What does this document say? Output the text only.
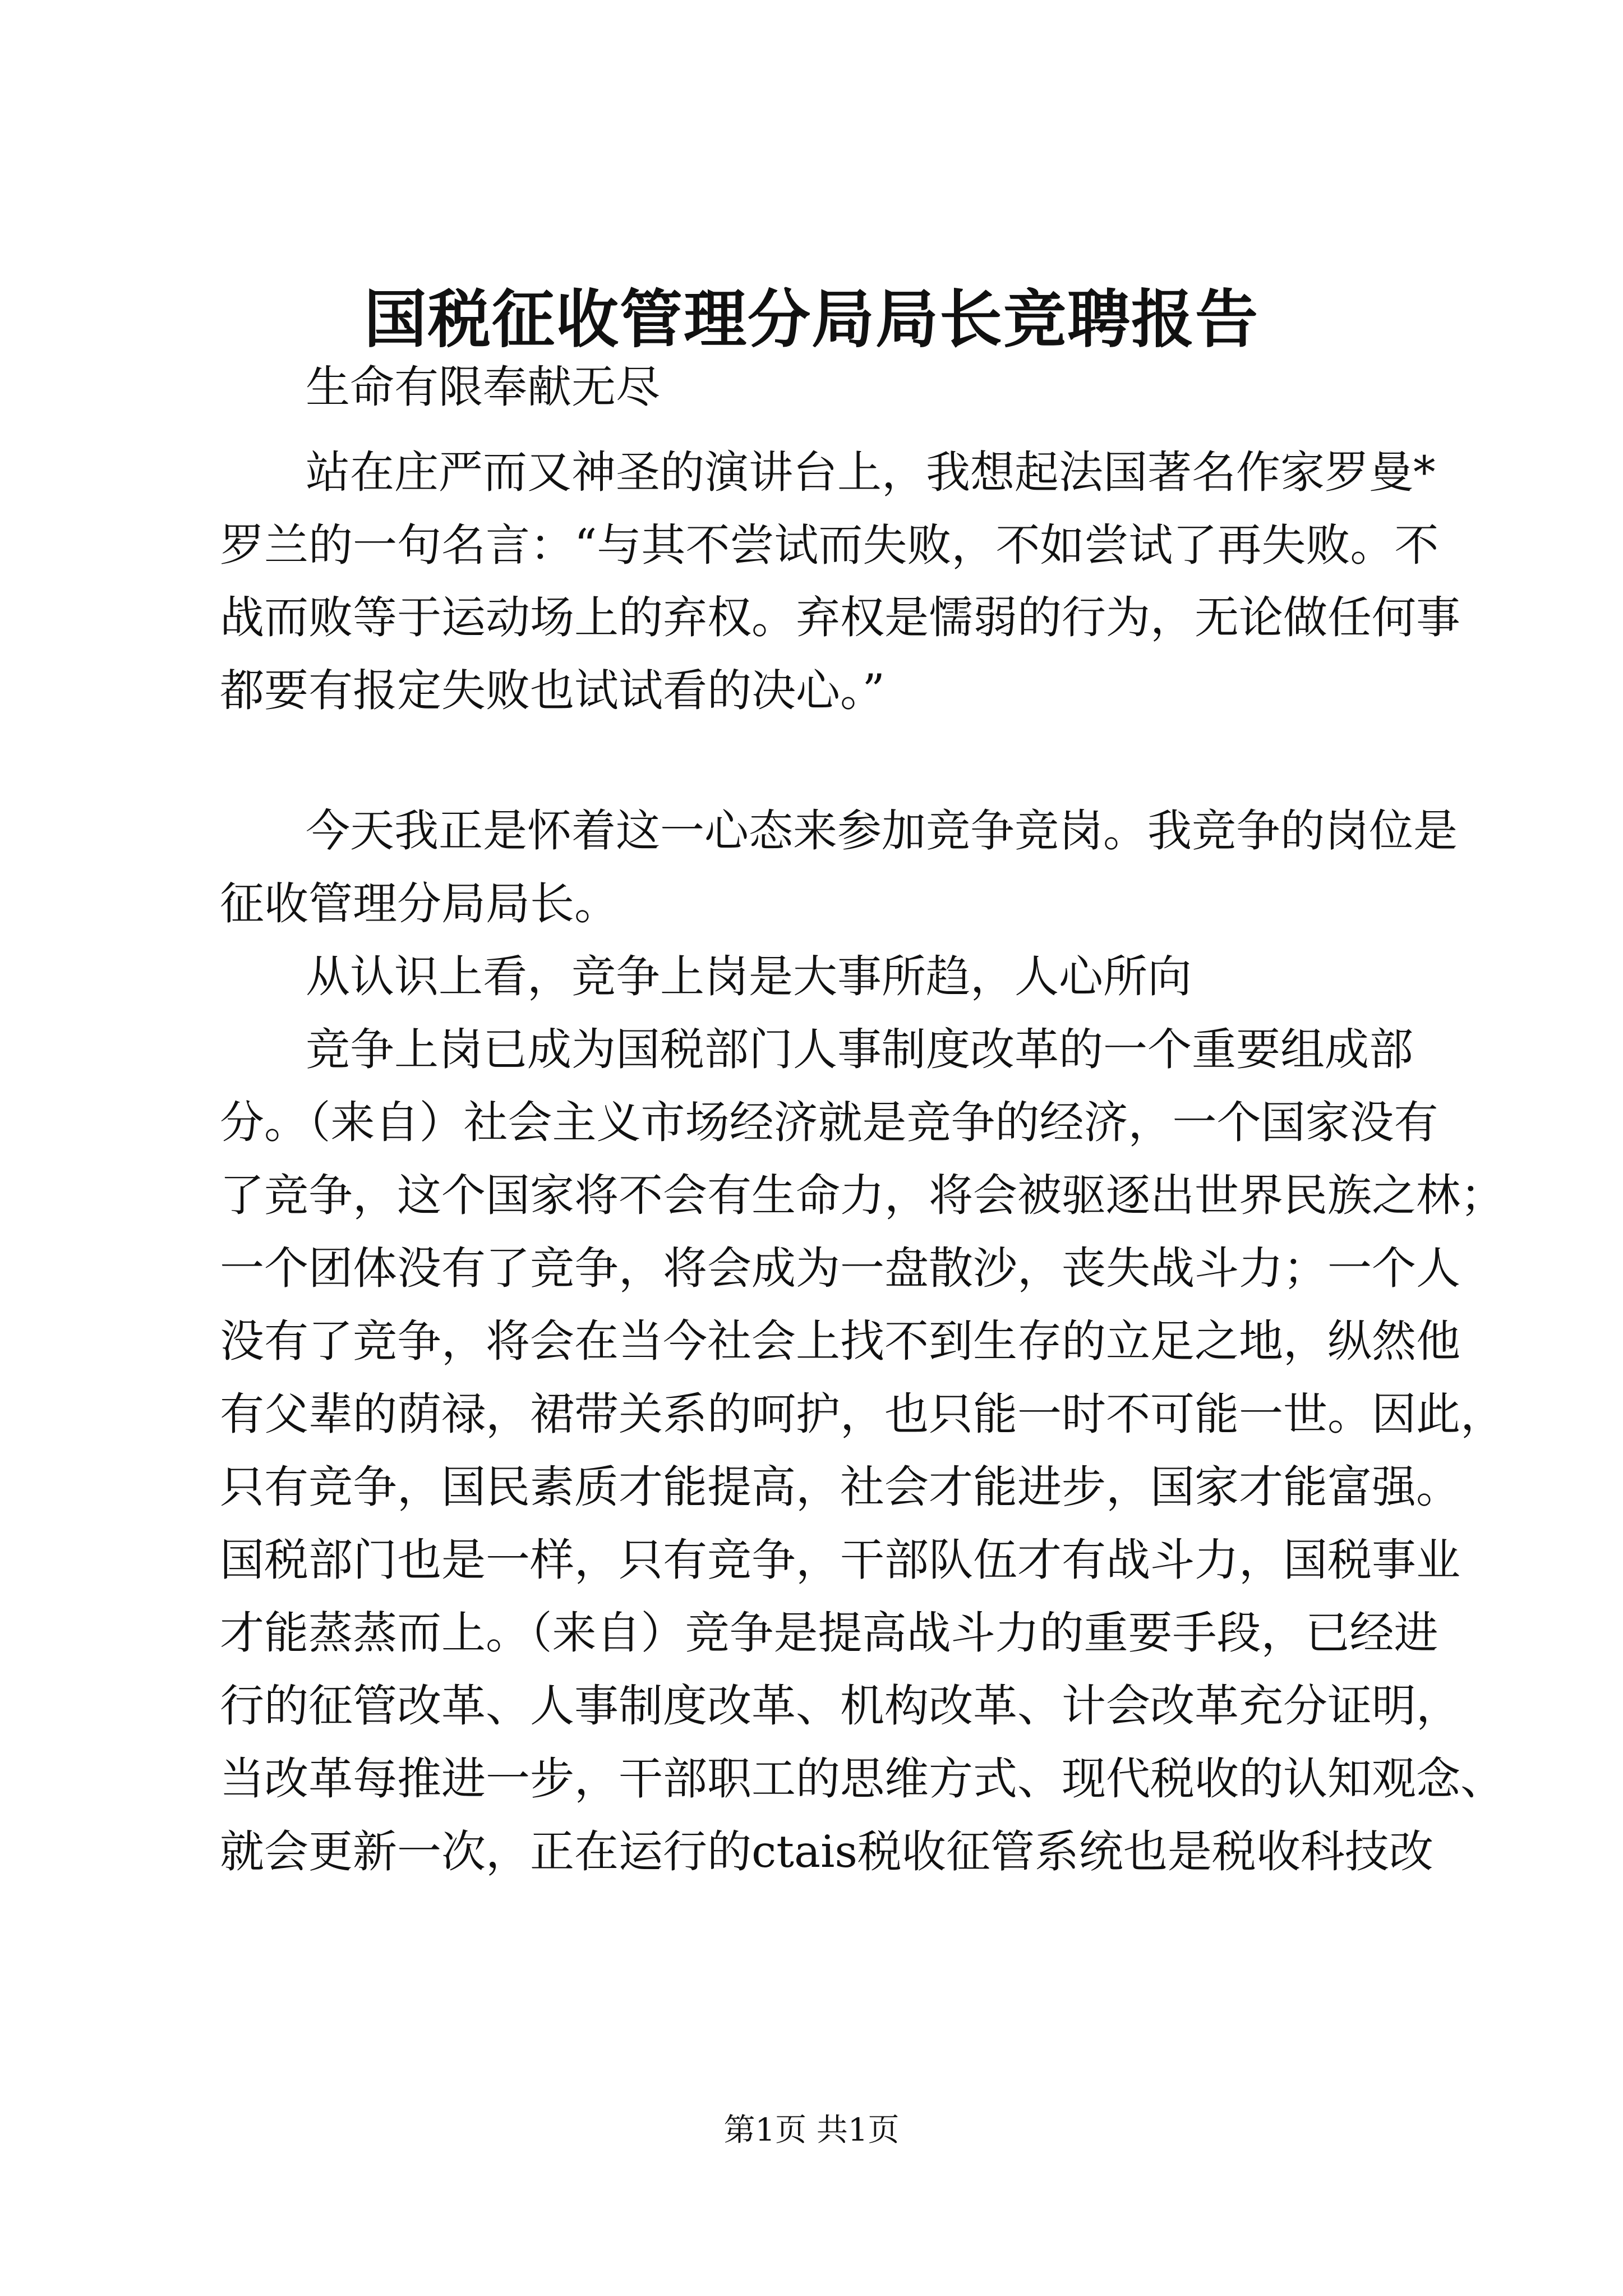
国税征收管理分局局长竞聘报告
生命有限奉献无尽
站在庄严而又神圣的演讲台上，我想起法国著名作家罗曼*
罗兰的一句名言：“与其不尝试而失败，不如尝试了再失败。不
战而败等于运动场上的弃权。弃权是懦弱的行为，无论做任何事
都要有报定失败也试试看的决心。”
今天我正是怀着这一心态来参加竞争竞岗。我竞争的岗位是
征收管理分局局长。
从认识上看，竞争上岗是大事所趋，人心所向
竞争上岗已成为国税部门人事制度改革的一个重要组成部
分。（来自）社会主义市场经济就是竞争的经济，一个国家没有
了竞争，这个国家将不会有生命力，将会被驱逐出世界民族之林；
一个团体没有了竞争，将会成为一盘散沙，丧失战斗力；一个人
没有了竞争，将会在当今社会上找不到生存的立足之地，纵然他
有父辈的荫禄，裙带关系的呵护，也只能一时不可能一世。因此，
只有竞争，国民素质才能提高，社会才能进步，国家才能富强。
国税部门也是一样，只有竞争，干部队伍才有战斗力，国税事业
才能蒸蒸而上。（来自）竞争是提高战斗力的重要手段，已经进
行的征管改革、人事制度改革、机构改革、计会改革充分证明，
当改革每推进一步，干部职工的思维方式、现代税收的认知观念、
就会更新一次，正在运行的ctais税收征管系统也是税收科技改
第1页 共1页
